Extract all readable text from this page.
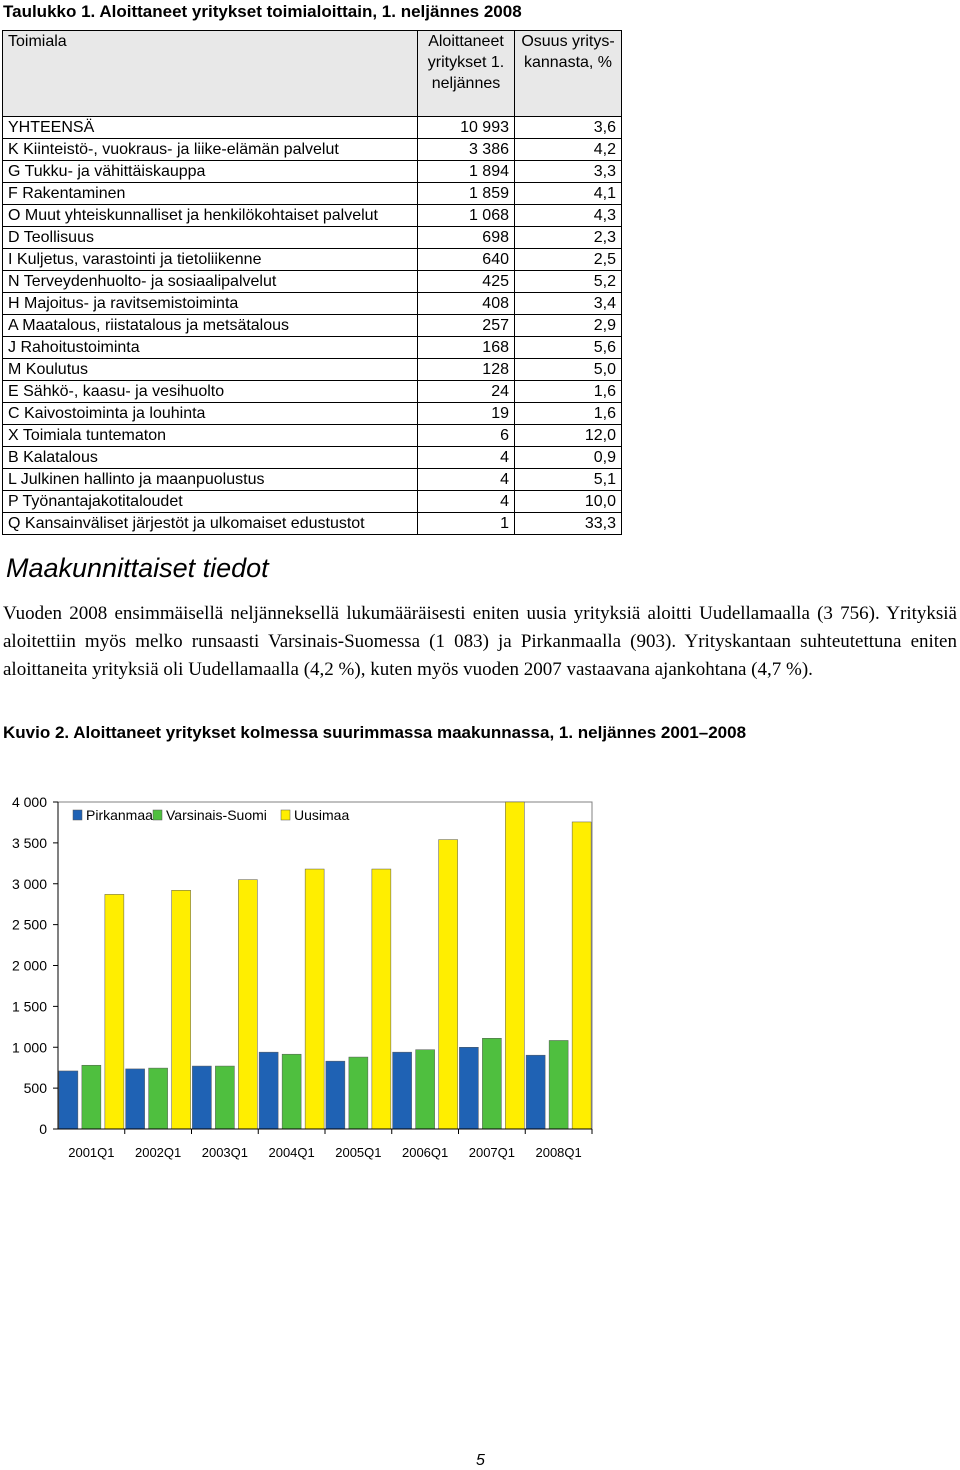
Taulukko 1. Aloittaneet yritykset toimialoittain, 1. neljännes 2008
Toimiala	Aloittaneet yritykset 1. neljännes	Osuus yritys-kannasta, %

YHTEENSÄ	10 993	3,6
K Kiinteistö-, vuokraus- ja liike-elämän palvelut	3 386	4,2
G Tukku- ja vähittäiskauppa	1 894	3,3
F Rakentaminen	1 859	4,1
O Muut yhteiskunnalliset ja henkilökohtaiset palvelut	1 068	4,3
D Teollisuus	698	2,3
I Kuljetus, varastointi ja tietoliikenne	640	2,5
N Terveydenhuolto- ja sosiaalipalvelut	425	5,2
H Majoitus- ja ravitsemistoiminta	408	3,4
A Maatalous, riistatalous ja metsätalous	257	2,9
J Rahoitustoiminta	168	5,6
M Koulutus	128	5,0
E Sähkö-, kaasu- ja vesihuolto	24	1,6
C Kaivostoiminta ja louhinta	19	1,6
X Toimiala tuntematon	6	12,0
B Kalatalous	4	0,9
L Julkinen hallinto ja maanpuolustus	4	5,1
P Työnantajakotitaloudet	4	10,0
Q Kansainväliset järjestöt ja ulkomaiset edustustot	1	33,3
Maakunnittaiset tiedot
Vuoden 2008 ensimmäisellä neljänneksellä lukumääräisesti eniten uusia yrityksiä aloitti Uudellamaalla (3 756). Yrityksiä aloitettiin myös melko runsaasti Varsinais-Suomessa (1 083) ja Pirkanmaalla (903). Yrityskantaan suhteutettuna eniten aloittaneita yrityksiä oli Uudellamaalla (4,2 %), kuten myös vuoden 2007 vastaavana ajankohtana (4,7 %).
Kuvio 2. Aloittaneet yritykset kolmessa suurimmassa maakunnassa, 1. neljännes 2001–2008
4 000
3 500
3 000
2 500
2 000
1 500
1 000
500
0
2001Q1 2002Q1 2003Q1 2004Q1 2005Q1 2006Q1 2007Q1 2008Q1
Pirkanmaa Varsinais-Suomi Uusimaa
5
